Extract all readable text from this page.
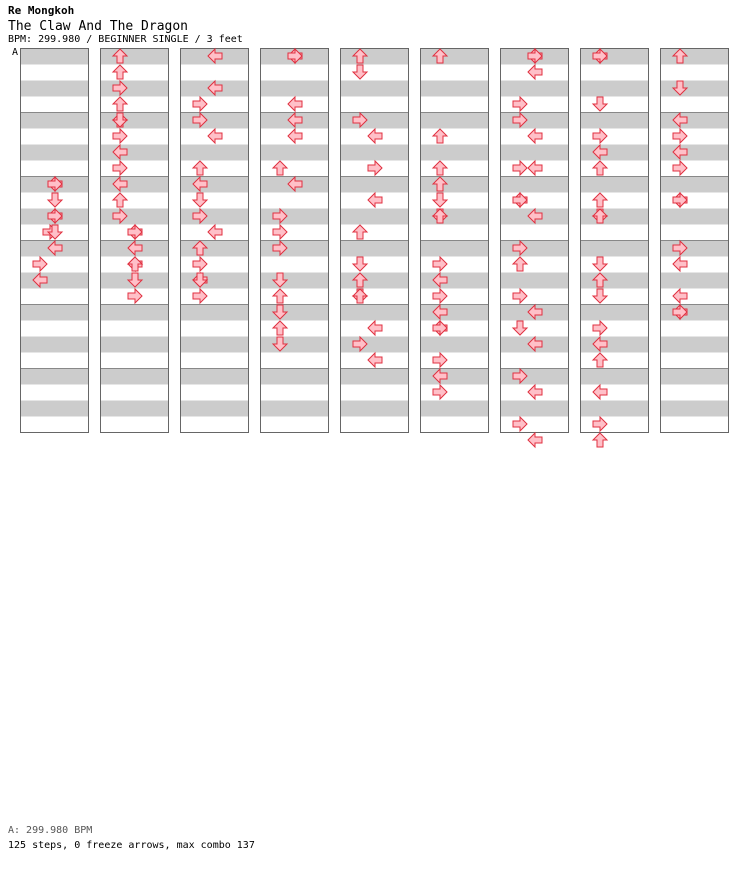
Re Mongkoh
The Claw And The Dragon
BPM: 299.980 / BEGINNER SINGLE / 3 feet
A
A: 299.980 BPM
125 steps, 0 freeze arrows, max combo 137
